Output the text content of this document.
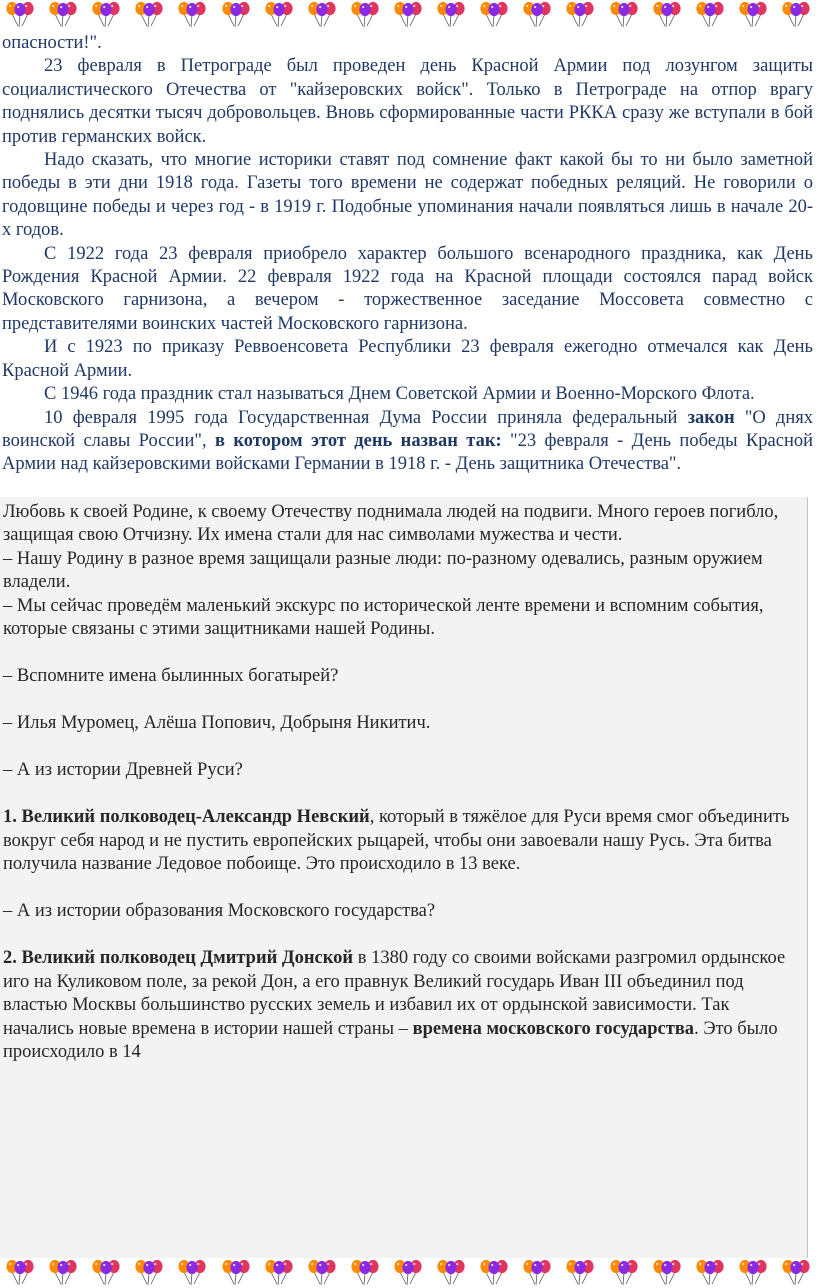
опасности!".

23 февраля в Петрограде был проведен день Красной Армии под лозунгом защиты социалистического Отечества от "кайзеровских войск". Только в Петрограде на отпор врагу поднялись десятки тысяч добровольцев. Вновь сформированные части РККА сразу же вступали в бой против германских войск.

Надо сказать, что многие историки ставят под сомнение факт какой бы то ни было заметной победы в эти дни 1918 года. Газеты того времени не содержат победных реляций. Не говорили о годовщине победы и через год - в 1919 г. Подобные упоминания начали появляться лишь в начале 20-х годов.

С 1922 года 23 февраля приобрело характер большого всенародного праздника, как День Рождения Красной Армии. 22 февраля 1922 года на Красной площади состоялся парад войск Московского гарнизона, а вечером - торжественное заседание Моссовета совместно с представителями воинских частей Московского гарнизона.

И с 1923 по приказу Реввоенсовета Республики 23 февраля ежегодно отмечался как День Красной Армии.

С 1946 года праздник стал называться Днем Советской Армии и Военно-Морского Флота.

10 февраля 1995 года Государственная Дума России приняла федеральный закон "О днях воинской славы России", в котором этот день назван так: "23 февраля - День победы Красной Армии над кайзеровскими войсками Германии в 1918 г. - День защитника Отечества".

Любовь к своей Родине, к своему Отечеству поднимала людей на подвиги. Много героев погибло, защищая свою Отчизну. Их имена стали для нас символами мужества и чести.

– Нашу Родину в разное время защищали разные люди: по-разному одевались, разным оружием владели.

– Мы сейчас проведём маленький экскурс по исторической ленте времени и вспомним события, которые связаны с этими защитниками нашей Родины.

– Вспомните имена былинных богатырей?

– Илья Муромец, Алёша Попович, Добрыня Никитич.

– А из истории Древней Руси?

1. Великий полководец-Александр Невский, который в тяжёлое для Руси время смог объединить вокруг себя народ и не пустить европейских рыцарей, чтобы они завоевали нашу Русь. Эта битва получила название Ледовое побоище. Это происходило в 13 веке.

– А из истории образования Московского государства?

2. Великий полководец Дмитрий Донской в 1380 году со своими войсками разгромил ордынское иго на Куликовом поле, за рекой Дон, а его правнук Великий государь Иван III объединил под властью Москвы большинство русских земель и избавил их от ордынской зависимости. Так начались новые времена в истории нашей страны – времена московского государства. Это было происходило в 14
